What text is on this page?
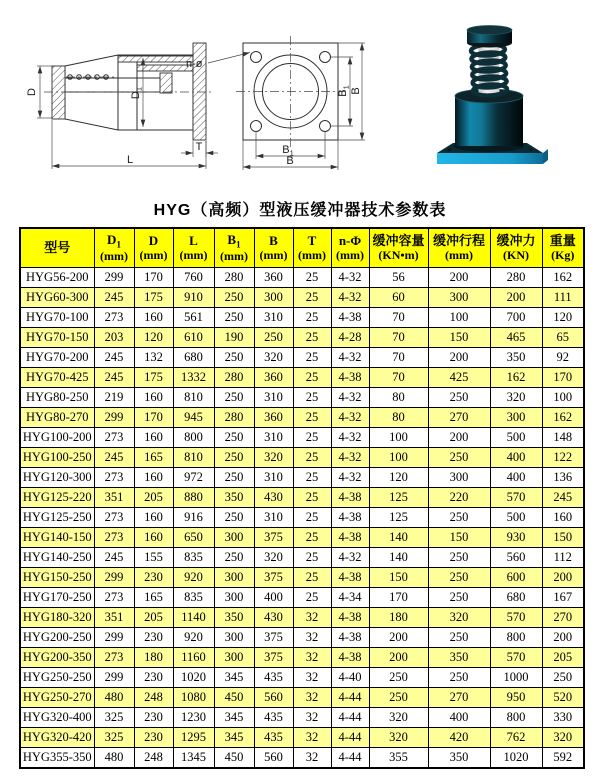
D	$D_1$
L
T
n-ø
$B_1$ B
$B_1$
B
HYG（高频）型液压缓冲器技术参数表
型号

$D_1$
(mm)

D
(mm)

L
(mm)

$B_1$
(mm)

B
(mm)

T
(mm)

n-Φ
(mm)

缓冲容量
(KN•m)

缓冲行程
(mm)

缓冲力
(KN)

重量
(Kg)

HYG56-200	299	170	760	280	360	25	4-32	56	200	280	162
HYG60-300	245	175	910	250	300	25	4-32	60	300	200	111
HYG70-100	273	160	561	250	310	25	4-38	70	100	700	120
HYG70-150	203	120	610	190	250	25	4-28	70	150	465	65
HYG70-200	245	132	680	250	320	25	4-32	70	200	350	92
HYG70-425	245	175	1332	280	360	25	4-38	70	425	162	170
HYG80-250	219	160	810	250	310	25	4-32	80	250	320	100
HYG80-270	299	170	945	280	360	25	4-32	80	270	300	162
HYG100-200	273	160	800	250	310	25	4-32	100	200	500	148
HYG100-250	245	165	810	250	320	25	4-32	100	250	400	122
HYG120-300	273	160	972	250	310	25	4-32	120	300	400	136
HYG125-220	351	205	880	350	430	25	4-38	125	220	570	245
HYG125-250	273	160	916	250	310	25	4-38	125	250	500	160
HYG140-150	273	160	650	300	375	25	4-38	140	150	930	150
HYG140-250	245	155	835	250	320	25	4-32	140	250	560	112
HYG150-250	299	230	920	300	375	25	4-38	150	250	600	200
HYG170-250	273	165	835	300	400	25	4-34	170	250	680	167
HYG180-320	351	205	1140	350	430	32	4-38	180	320	570	270
HYG200-250	299	230	920	300	375	32	4-38	200	250	800	200
HYG200-350	273	180	1160	300	375	32	4-38	200	350	570	205
HYG250-250	299	230	1020	345	435	32	4-40	250	250	1000	250
HYG250-270	480	248	1080	450	560	32	4-44	250	270	950	520
HYG320-400	325	230	1230	345	435	32	4-44	320	400	800	330
HYG320-420	325	230	1295	345	435	32	4-44	320	420	762	320
HYG355-350	480	248	1345	450	560	32	4-44	355	350	1020	592
